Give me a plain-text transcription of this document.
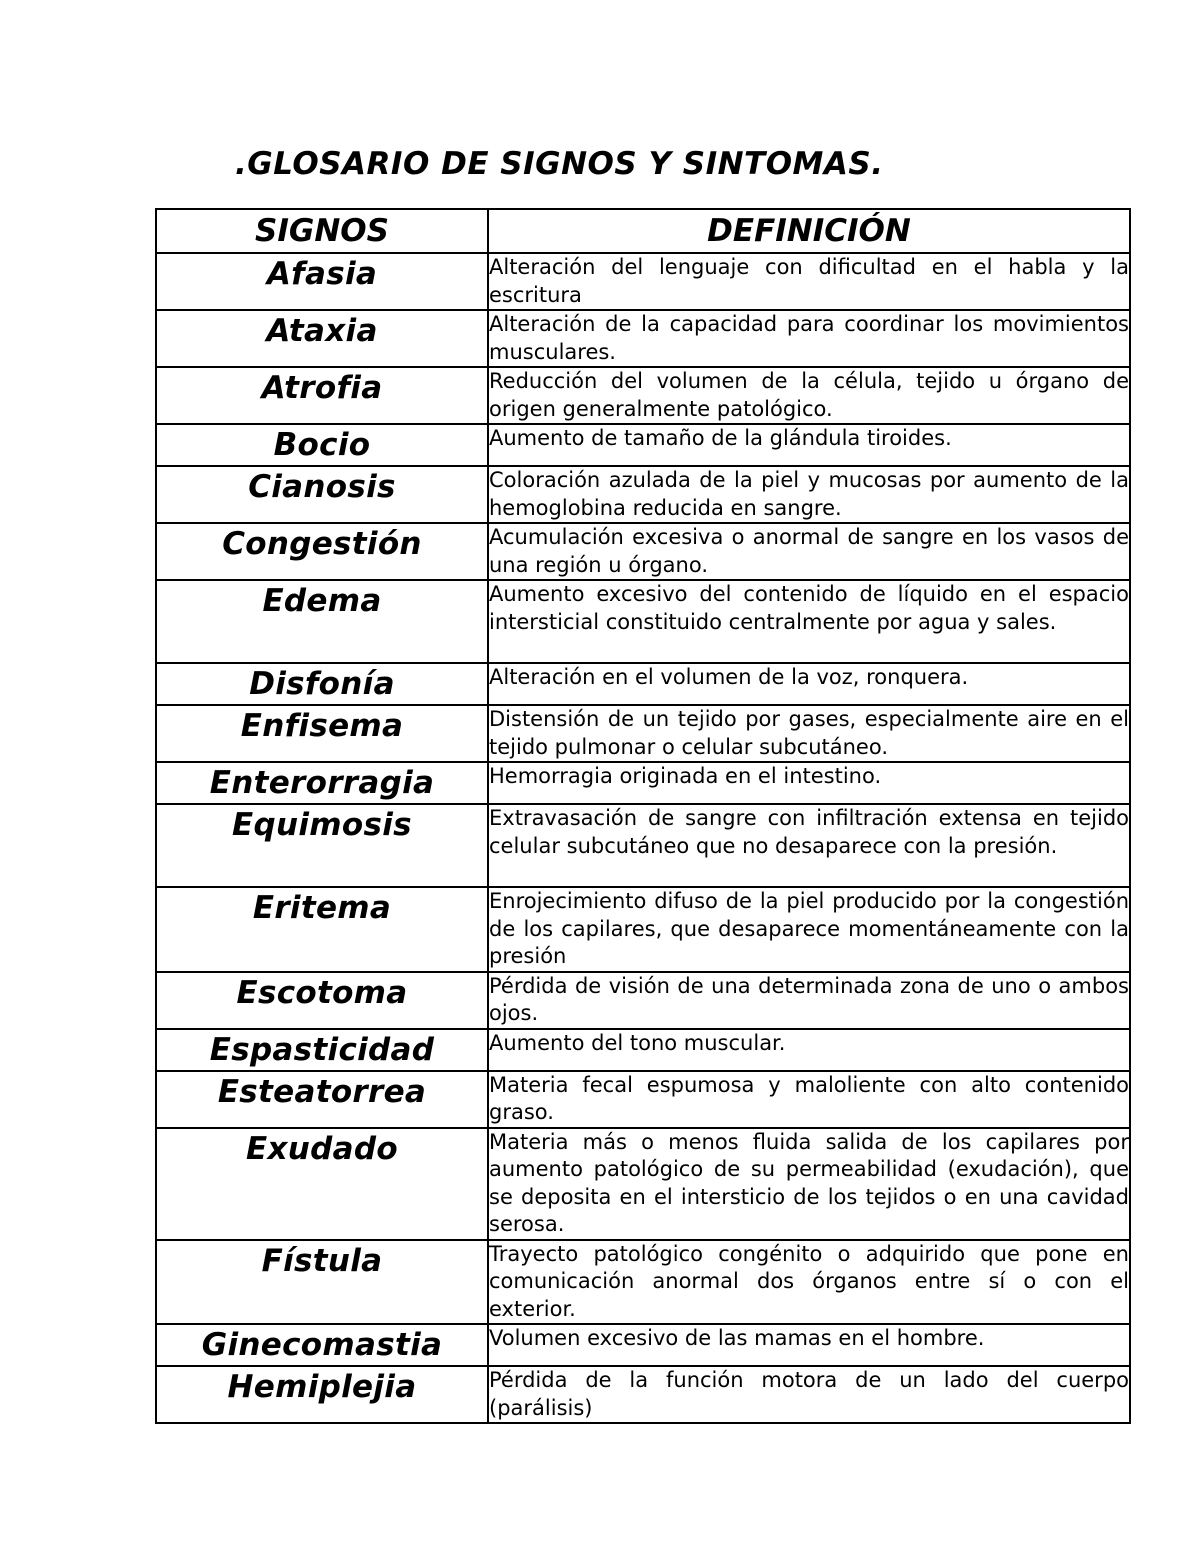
.GLOSARIO DE SIGNOS Y SINTOMAS.
SIGNOS	DEFINICIÓN
Afasia	Alteración del lenguaje con dificultad en el habla y la escritura
Ataxia	Alteración de la capacidad para coordinar los movimientos musculares.
Atrofia	Reducción del volumen de la célula, tejido u órgano de origen generalmente patológico.
Bocio	Aumento de tamaño de la glándula tiroides.
Cianosis	Coloración azulada de la piel y mucosas por aumento de la hemoglobina reducida en sangre.
Congestión	Acumulación excesiva o anormal de sangre en los vasos de una región u órgano.
Edema	Aumento excesivo del contenido de líquido en el espacio intersticial constituido centralmente por agua y sales.
Disfonía	Alteración en el volumen de la voz, ronquera.
Enfisema	Distensión de un tejido por gases, especialmente aire en el tejido pulmonar o celular subcutáneo.
Enterorragia	Hemorragia originada en el intestino.
Equimosis	Extravasación de sangre con infiltración extensa en tejido celular subcutáneo que no desaparece con la presión.
Eritema	Enrojecimiento difuso de la piel producido por la congestión de los capilares, que desaparece momentáneamente con la presión
Escotoma	Pérdida de visión de una determinada zona de uno o ambos ojos.
Espasticidad	Aumento del tono muscular.
Esteatorrea	Materia fecal espumosa y maloliente con alto contenido graso.
Exudado	Materia más o menos fluida salida de los capilares por aumento patológico de su permeabilidad (exudación), que se deposita en el intersticio de los tejidos o en una cavidad serosa.
Fístula	Trayecto patológico congénito o adquirido que pone en comunicación anormal dos órganos entre sí o con el exterior.
Ginecomastia	Volumen excesivo de las mamas en el hombre.
Hemiplejia	Pérdida de la función motora de un lado del cuerpo (parálisis)
